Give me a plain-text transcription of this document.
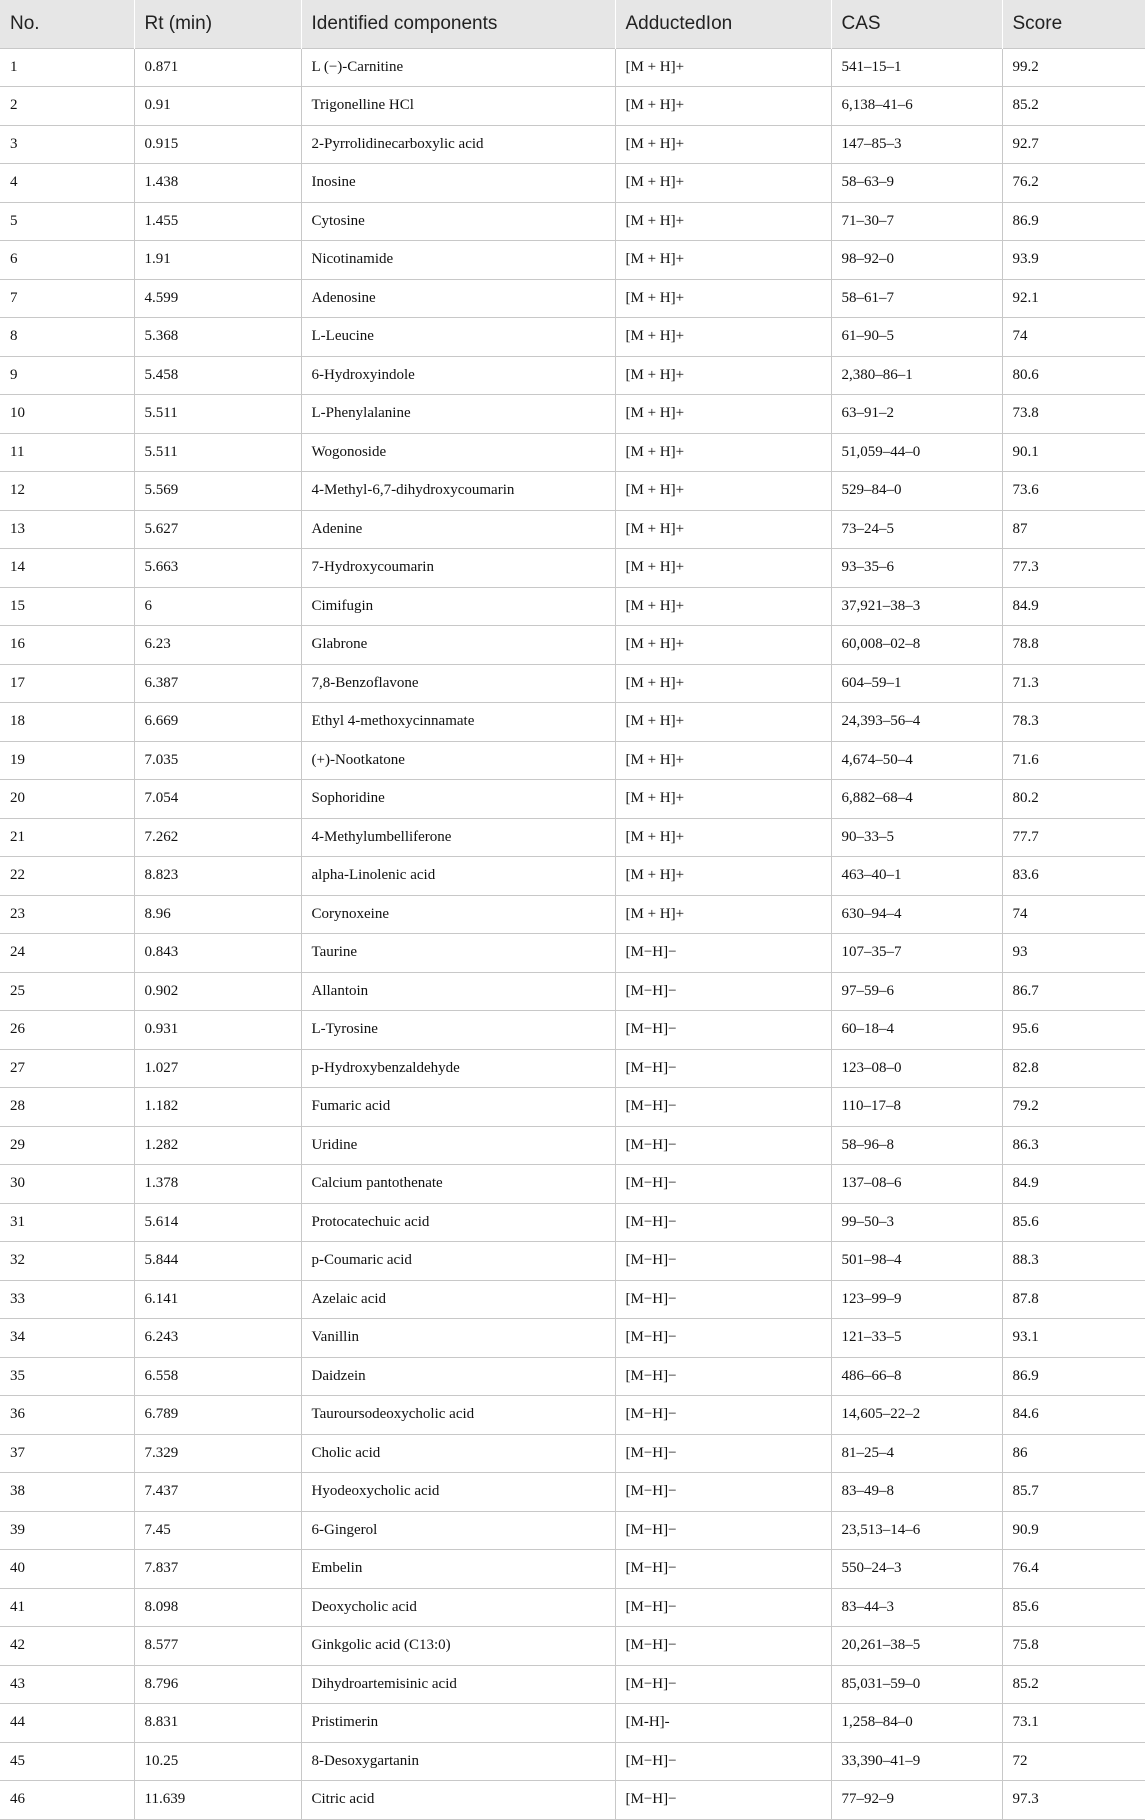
No.	Rt (min)	Identified components	AdductedIon	CAS	Score
1	0.871	L (−)-Carnitine	[M + H]+	541–15–1	99.2
2	0.91	Trigonelline HCl	[M + H]+	6,138–41–6	85.2
3	0.915	2-Pyrrolidinecarboxylic acid	[M + H]+	147–85–3	92.7
4	1.438	Inosine	[M + H]+	58–63–9	76.2
5	1.455	Cytosine	[M + H]+	71–30–7	86.9
6	1.91	Nicotinamide	[M + H]+	98–92–0	93.9
7	4.599	Adenosine	[M + H]+	58–61–7	92.1
8	5.368	L-Leucine	[M + H]+	61–90–5	74
9	5.458	6-Hydroxyindole	[M + H]+	2,380–86–1	80.6
10	5.511	L-Phenylalanine	[M + H]+	63–91–2	73.8
11	5.511	Wogonoside	[M + H]+	51,059–44–0	90.1
12	5.569	4-Methyl-6,7-dihydroxycoumarin	[M + H]+	529–84–0	73.6
13	5.627	Adenine	[M + H]+	73–24–5	87
14	5.663	7-Hydroxycoumarin	[M + H]+	93–35–6	77.3
15	6	Cimifugin	[M + H]+	37,921–38–3	84.9
16	6.23	Glabrone	[M + H]+	60,008–02–8	78.8
17	6.387	7,8-Benzoflavone	[M + H]+	604–59–1	71.3
18	6.669	Ethyl 4-methoxycinnamate	[M + H]+	24,393–56–4	78.3
19	7.035	(+)-Nootkatone	[M + H]+	4,674–50–4	71.6
20	7.054	Sophoridine	[M + H]+	6,882–68–4	80.2
21	7.262	4-Methylumbelliferone	[M + H]+	90–33–5	77.7
22	8.823	alpha-Linolenic acid	[M + H]+	463–40–1	83.6
23	8.96	Corynoxeine	[M + H]+	630–94–4	74
24	0.843	Taurine	[M−H]−	107–35–7	93
25	0.902	Allantoin	[M−H]−	97–59–6	86.7
26	0.931	L-Tyrosine	[M−H]−	60–18–4	95.6
27	1.027	p-Hydroxybenzaldehyde	[M−H]−	123–08–0	82.8
28	1.182	Fumaric acid	[M−H]−	110–17–8	79.2
29	1.282	Uridine	[M−H]−	58–96–8	86.3
30	1.378	Calcium pantothenate	[M−H]−	137–08–6	84.9
31	5.614	Protocatechuic acid	[M−H]−	99–50–3	85.6
32	5.844	p-Coumaric acid	[M−H]−	501–98–4	88.3
33	6.141	Azelaic acid	[M−H]−	123–99–9	87.8
34	6.243	Vanillin	[M−H]−	121–33–5	93.1
35	6.558	Daidzein	[M−H]−	486–66–8	86.9
36	6.789	Tauroursodeoxycholic acid	[M−H]−	14,605–22–2	84.6
37	7.329	Cholic acid	[M−H]−	81–25–4	86
38	7.437	Hyodeoxycholic acid	[M−H]−	83–49–8	85.7
39	7.45	6-Gingerol	[M−H]−	23,513–14–6	90.9
40	7.837	Embelin	[M−H]−	550–24–3	76.4
41	8.098	Deoxycholic acid	[M−H]−	83–44–3	85.6
42	8.577	Ginkgolic acid (C13:0)	[M−H]−	20,261–38–5	75.8
43	8.796	Dihydroartemisinic acid	[M−H]−	85,031–59–0	85.2
44	8.831	Pristimerin	[M-H]-	1,258–84–0	73.1
45	10.25	8-Desoxygartanin	[M−H]−	33,390–41–9	72
46	11.639	Citric acid	[M−H]−	77–92–9	97.3
